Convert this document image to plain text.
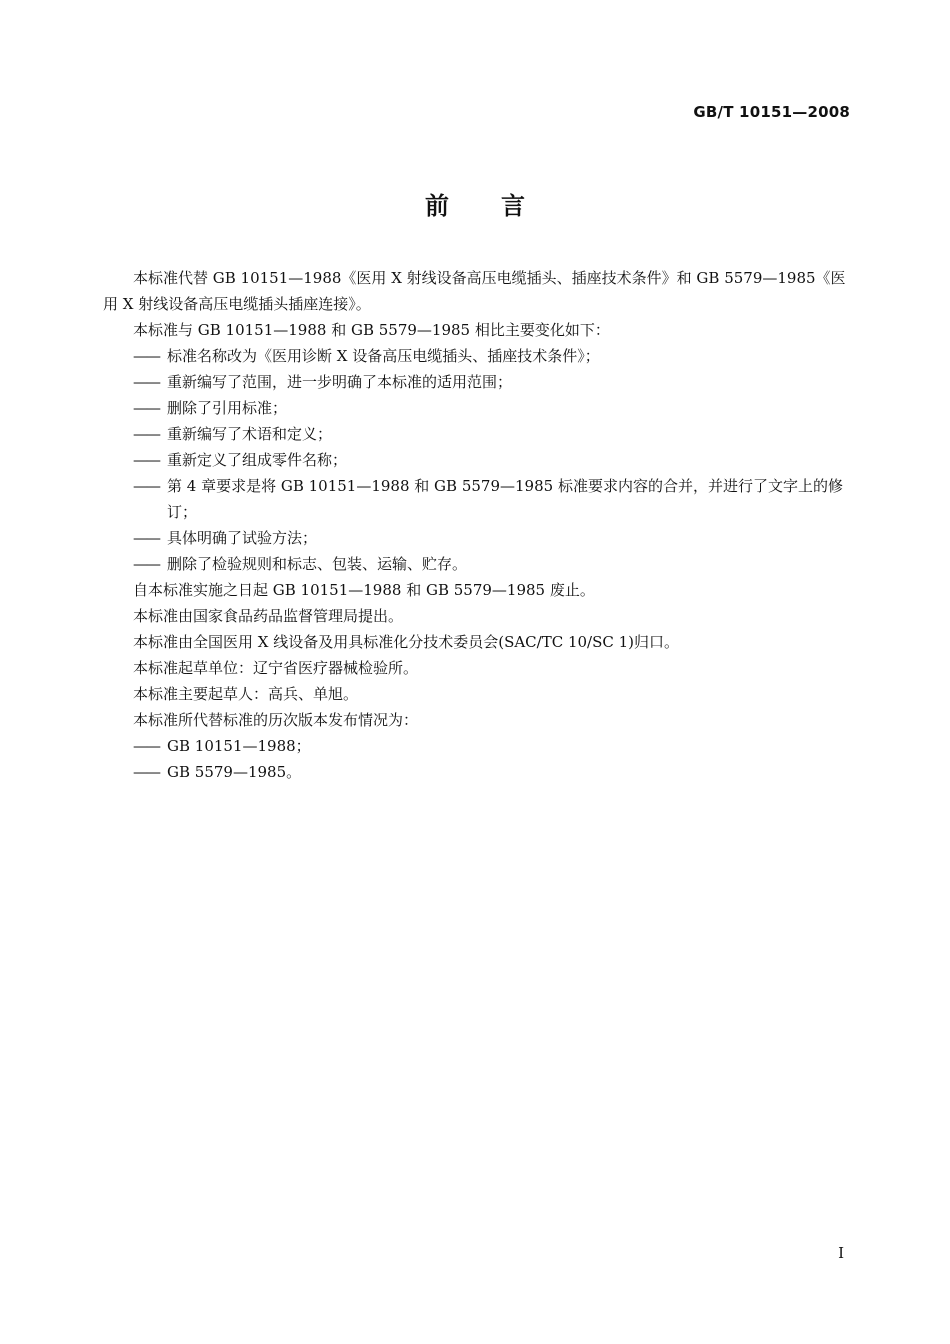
GB/T 10151—2008
前 言

本标准代替 GB 10151—1988《医用 X 射线设备高压电缆插头、插座技术条件》和 GB 5579—1985《医用 X 射线设备高压电缆插头插座连接》。

本标准与 GB 10151—1988 和 GB 5579—1985 相比主要变化如下：

—— 标准名称改为《医用诊断 X 设备高压电缆插头、插座技术条件》；

—— 重新编写了范围，进一步明确了本标准的适用范围；

—— 删除了引用标准；

—— 重新编写了术语和定义；

—— 重新定义了组成零件名称；

—— 第 4 章要求是将 GB 10151—1988 和 GB 5579—1985 标准要求内容的合并，并进行了文字上的修订；

—— 具体明确了试验方法；

—— 删除了检验规则和标志、包装、运输、贮存。

自本标准实施之日起 GB 10151—1988 和 GB 5579—1985 废止。

本标准由国家食品药品监督管理局提出。

本标准由全国医用 X 线设备及用具标准化分技术委员会(SAC/TC 10/SC 1)归口。

本标准起草单位：辽宁省医疗器械检验所。

本标准主要起草人：高兵、单旭。

本标准所代替标准的历次版本发布情况为：

—— GB 10151—1988；

—— GB 5579—1985。

I
